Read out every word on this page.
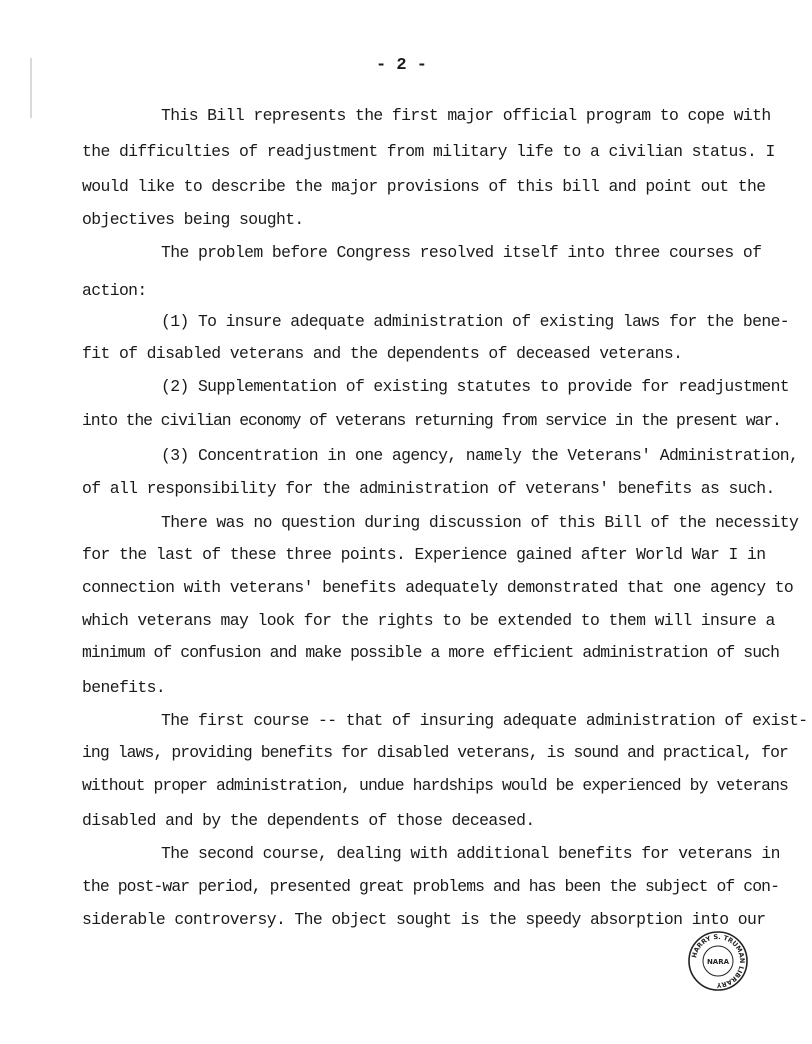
- 2 -
This Bill represents the first major official program to cope with
the difficulties of readjustment from military life to a civilian status. I
would like to describe the major provisions of this bill and point out the
objectives being sought.
The problem before Congress resolved itself into three courses of
action:
(1) To insure adequate administration of existing laws for the bene-
fit of disabled veterans and the dependents of deceased veterans.
(2) Supplementation of existing statutes to provide for readjustment
into the civilian economy of veterans returning from service in the present war.
(3) Concentration in one agency, namely the Veterans' Administration,
of all responsibility for the administration of veterans' benefits as such.
There was no question during discussion of this Bill of the necessity
for the last of these three points. Experience gained after World War I in
connection with veterans' benefits adequately demonstrated that one agency to
which veterans may look for the rights to be extended to them will insure a
minimum of confusion and make possible a more efficient administration of such
benefits.
The first course -- that of insuring adequate administration of exist-
ing laws, providing benefits for disabled veterans, is sound and practical, for
without proper administration, undue hardships would be experienced by veterans
disabled and by the dependents of those deceased.
The second course, dealing with additional benefits for veterans in
the post-war period, presented great problems and has been the subject of con-
siderable controversy. The object sought is the speedy absorption into our
HARRY S. TRUMAN LIBRARY
NARA
